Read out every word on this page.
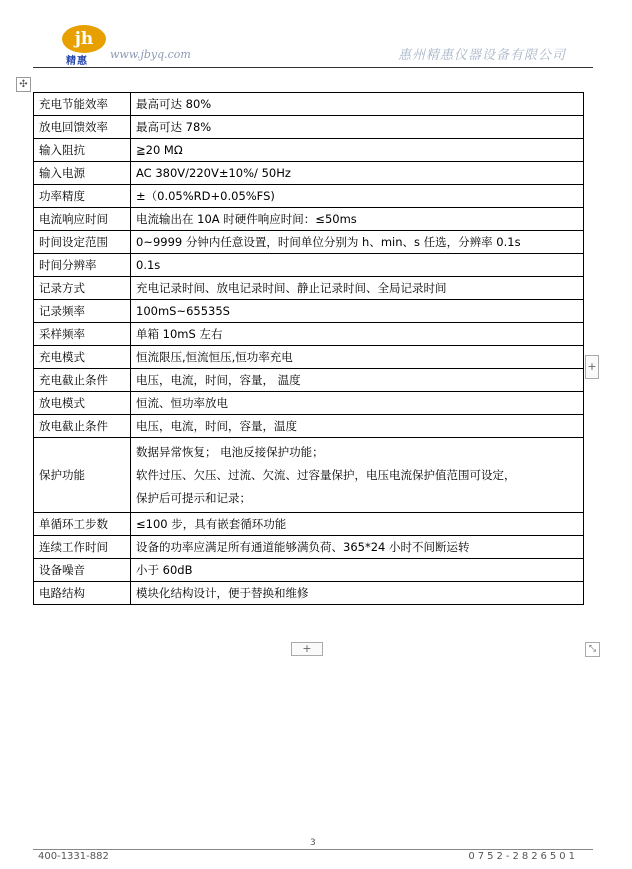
jh
精惠
www.jbyq.com	惠州精惠仪器设备有限公司
✣
充电节能效率	最高可达 80%
放电回馈效率	最高可达 78%
输入阻抗	≧20 MΩ
输入电源	AC 380V/220V±10%/ 50Hz
功率精度	±（0.05%RD+0.05%FS)
电流响应时间	电流输出在 10A 时硬件响应时间：≤50ms
时间设定范围	0~9999 分钟内任意设置，时间单位分别为 h、min、s 任选，分辨率 0.1s
时间分辨率	0.1s
记录方式	充电记录时间、放电记录时间、静止记录时间、全局记录时间
记录频率	100mS~65535S
采样频率	单箱 10mS 左右
充电模式	恒流限压,恒流恒压,恒功率充电
充电截止条件	电压，电流，时间，容量， 温度
放电模式	恒流、恒功率放电
放电截止条件	电压，电流，时间，容量，温度
保护功能	数据异常恢复； 电池反接保护功能；
软件过压、欠压、过流、欠流、过容量保护，电压电流保护值范围可设定，
保护后可提示和记录；

单循环工步数	≤100 步，具有嵌套循环功能
连续工作时间	设备的功率应满足所有通道能够满负荷、365*24 小时不间断运转
设备噪音	小于 60dB
电路结构	模块化结构设计，便于替换和维修
+
+	⤡
3
400-1331-882	0752-2826501
